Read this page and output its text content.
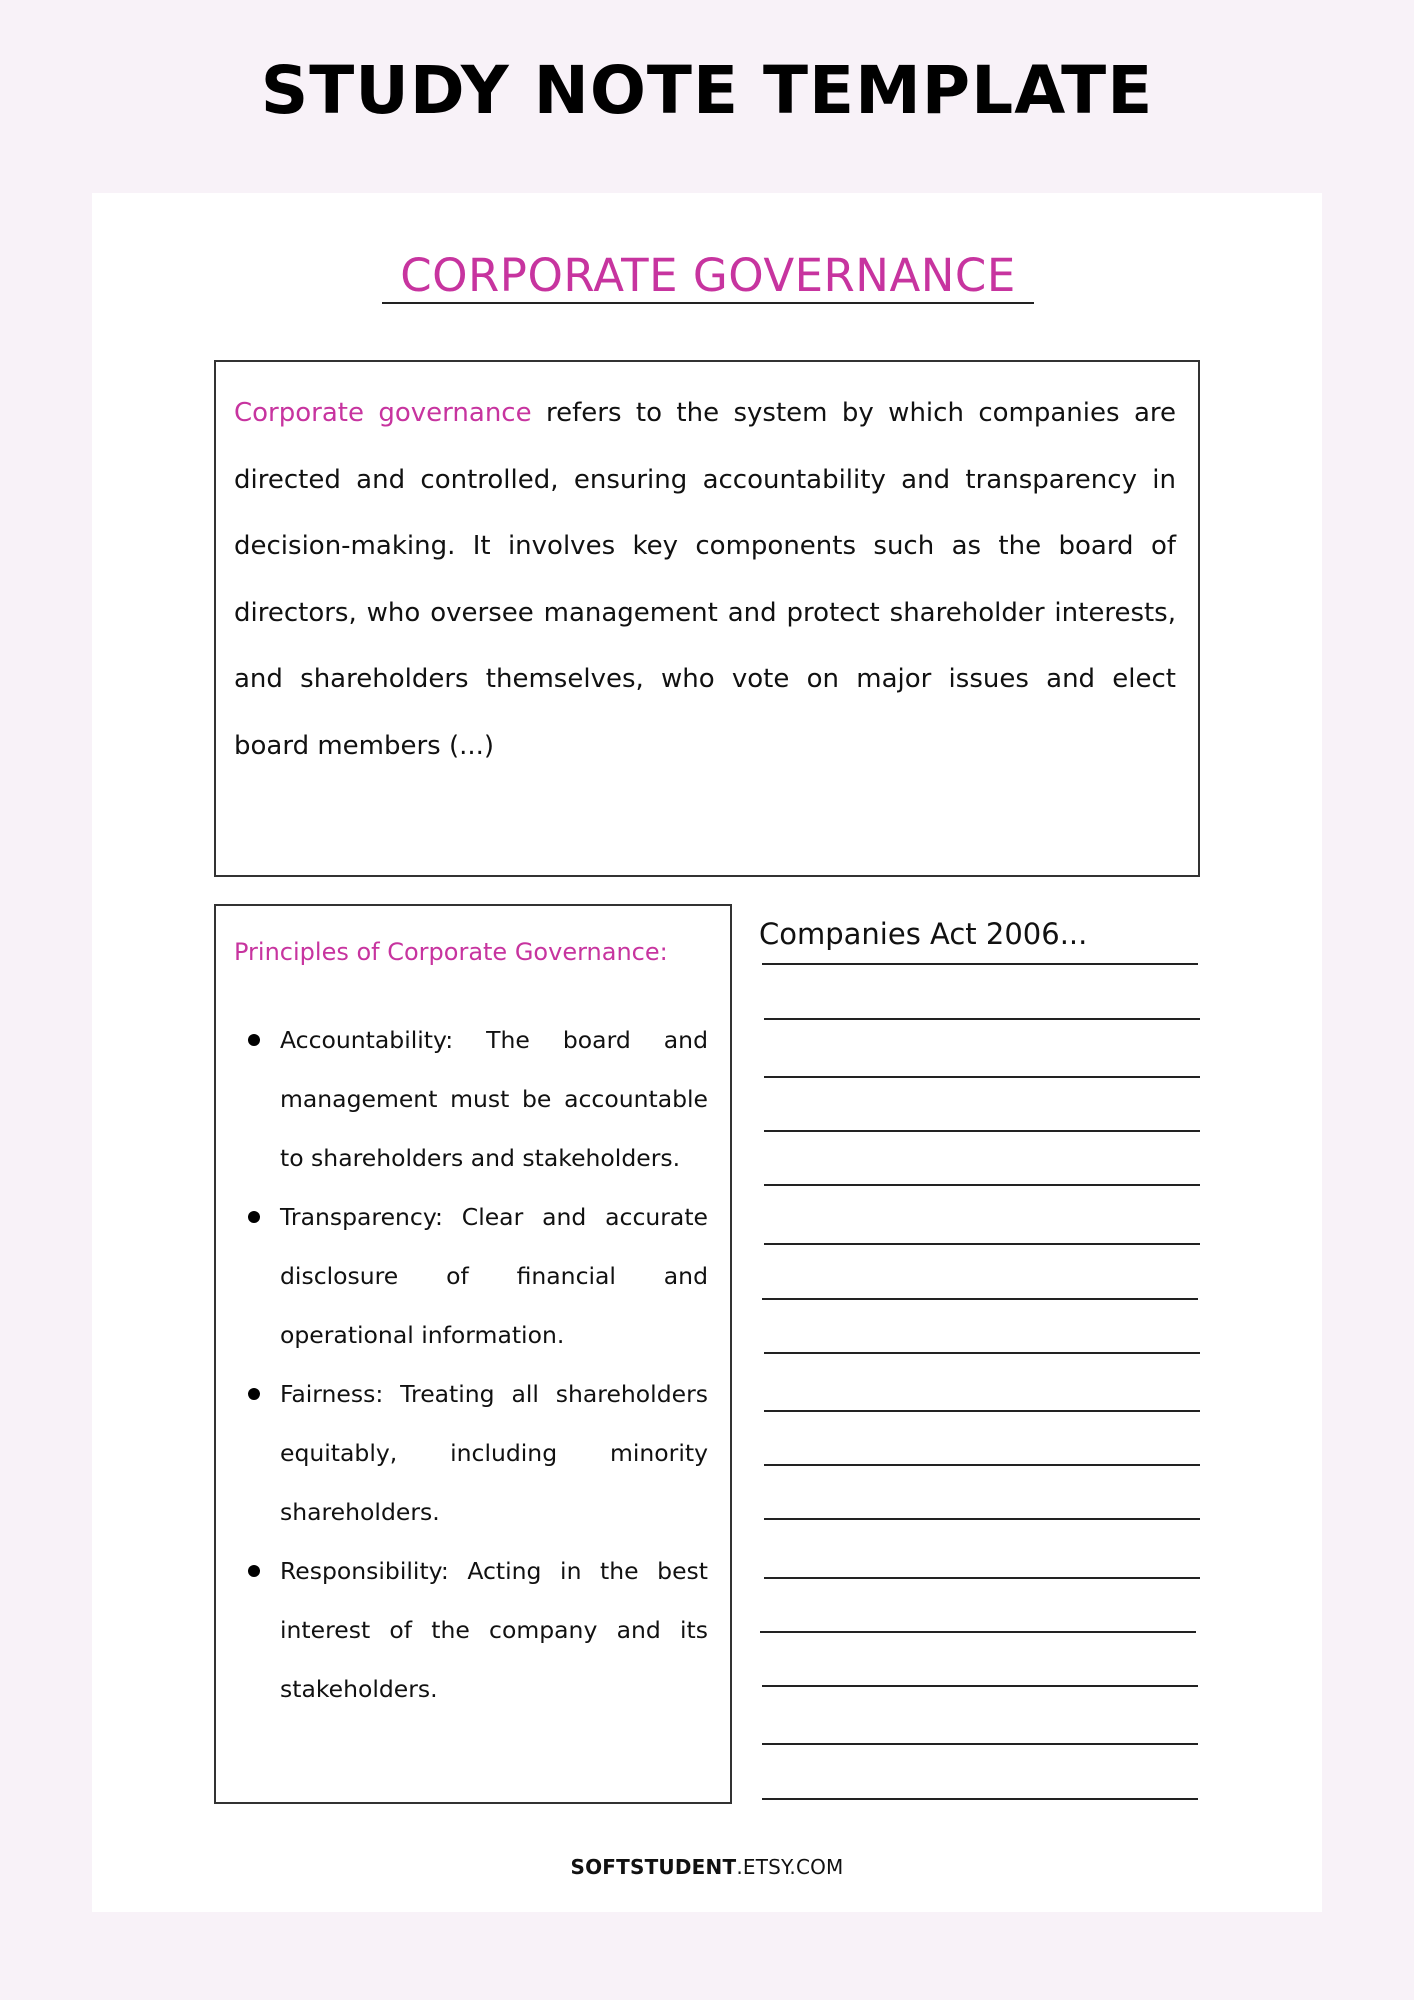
STUDY NOTE TEMPLATE
CORPORATE GOVERNANCE

Corporate governance refers to the system by which companies are directed and controlled, ensuring accountability and transparency in decision-making. It involves key components such as the board of directors, who oversee management and protect shareholder interests, and shareholders themselves, who vote on major issues and elect board members (...)

Principles of Corporate Governance:
Accountability: The board and management must be accountable to shareholders and stakeholders.
Transparency: Clear and accurate disclosure of financial and operational information.
Fairness: Treating all shareholders equitably, including minority shareholders.
Responsibility: Acting in the best interest of the company and its stakeholders.
Companies Act 2006...
SOFTSTUDENT.ETSY.COM
